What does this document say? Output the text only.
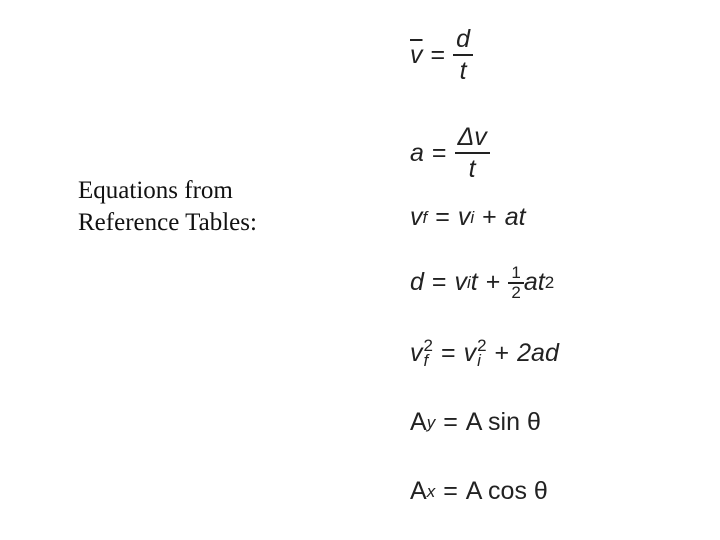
Equations from
Reference Tables:
$\overline{v} = \frac{d}{t}$
$a = \frac{\Delta v}{t}$
v f = v i + at
d = v i $t + \frac{1}{2}$ at 2
v 2
f = v 2
i + 2ad
A y = A sin θ
A x = A cos θ
